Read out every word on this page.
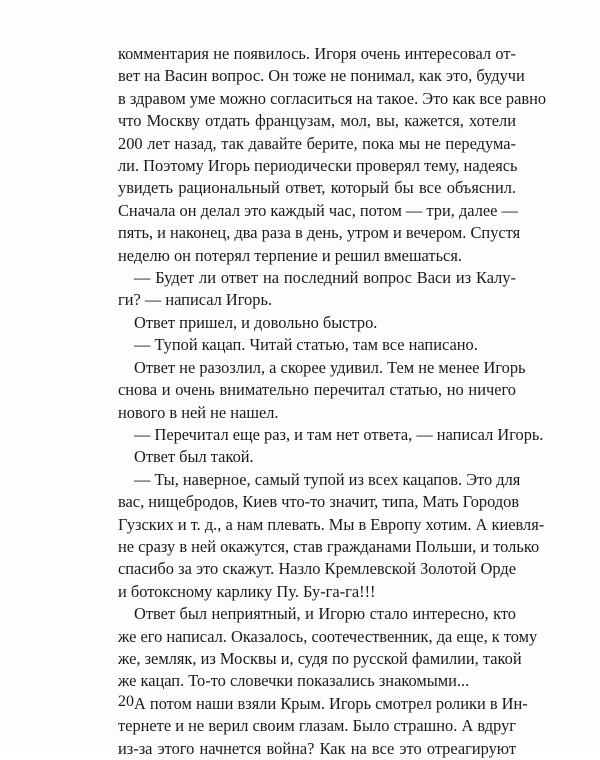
комментария не появилось. Игоря очень интересовал от-
вет на Васин вопрос. Он тоже не понимал, как это, будучи
в здравом уме можно согласиться на такое. Это как все равно
что Москву отдать французам, мол, вы, кажется, хотели
200 лет назад, так давайте берите, пока мы не передума-
ли. Поэтому Игорь периодически проверял тему, надеясь
увидеть рациональный ответ, который бы все объяснил.
Сначала он делал это каждый час, потом — три, далее —
пять, и наконец, два раза в день, утром и вечером. Спустя
неделю он потерял терпение и решил вмешаться.
— Будет ли ответ на последний вопрос Васи из Калу-
ги? — написал Игорь.
Ответ пришел, и довольно быстро.
— Тупой кацап. Читай статью, там все написано.
Ответ не разозлил, а скорее удивил. Тем не менее Игорь
снова и очень внимательно перечитал статью, но ничего
нового в ней не нашел.
— Перечитал еще раз, и там нет ответа, — написал Игорь.
Ответ был такой.
— Ты, наверное, самый тупой из всех кацапов. Это для
вас, нищебродов, Киев что-то значит, типа, Мать Городов
Гузских и т. д., а нам плевать. Мы в Европу хотим. А киевля-
не сразу в ней окажутся, став гражданами Польши, и только
спасибо за это скажут. Назло Кремлевской Золотой Орде
и ботоксному карлику Пу. Бу-га-га!!!
Ответ был неприятный, и Игорю стало интересно, кто
же его написал. Оказалось, соотечественник, да еще, к тому
же, земляк, из Москвы и, судя по русской фамилии, такой
же кацап. То-то словечки показались знакомыми...
А потом наши взяли Крым. Игорь смотрел ролики в Ин-
тернете и не верил своим глазам. Было страшно. А вдруг
из-за этого начнется война? Как на все это отреагируют
20
